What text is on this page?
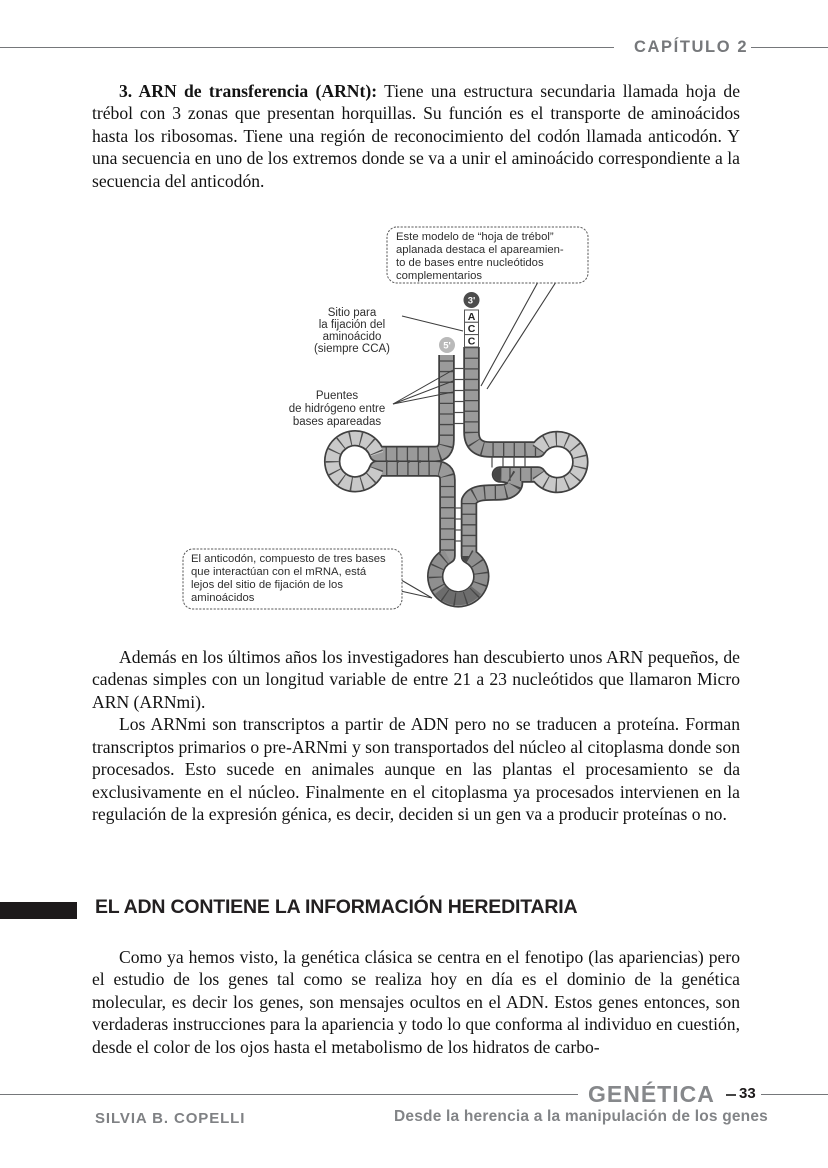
CAPÍTULO 2

3. ARN de transferencia (ARNt): Tiene una estructura secundaria llamada hoja de trébol con 3 zonas que presentan horquillas. Su función es el transporte de aminoácidos hasta los ribosomas. Tiene una región de reconocimiento del codón llamada anticodón. Y una secuencia en uno de los extremos donde se va a unir el aminoácido correspondiente a la secuencia del anticodón.

Este modelo de “hoja de trébol”
aplanada destaca el apareamien-
to de bases entre nucleótidos
complementarios
El anticodón, compuesto de tres bases
que interactúan con el mRNA, está
lejos del sitio de fijación de los
aminoácidos
Sitio para
la fijación del
aminoácido
(siempre CCA)
Puentes
de hidrógeno entre
bases apareadas
3'
5'
A
C
C

Además en los últimos años los investigadores han descubierto unos ARN pequeños, de cadenas simples con un longitud variable de entre 21 a 23 nucleótidos que llamaron Micro ARN (ARNmi).

Los ARNmi son transcriptos a partir de ADN pero no se traducen a proteína. Forman transcriptos primarios o pre-ARNmi y son transportados del núcleo al citoplasma donde son procesados. Esto sucede en animales aunque en las plantas el procesamiento se da exclusivamente en el núcleo. Finalmente en el citoplasma ya procesados intervienen en la regulación de la expresión génica, es decir, deciden si un gen va a producir proteínas o no.

EL ADN CONTIENE LA INFORMACIÓN HEREDITARIA

Como ya hemos visto, la genética clásica se centra en el fenotipo (las apariencias) pero el estudio de los genes tal como se realiza hoy en día es el dominio de la genética molecular, es decir los genes, son mensajes ocultos en el ADN. Estos genes entonces, son verdaderas instrucciones para la apariencia y todo lo que conforma al individuo en cuestión, desde el color de los ojos hasta el metabolismo de los hidratos de carbo-

GENÉTICA 33
SILVIA B. COPELLI	Desde la herencia a la manipulación de los genes
